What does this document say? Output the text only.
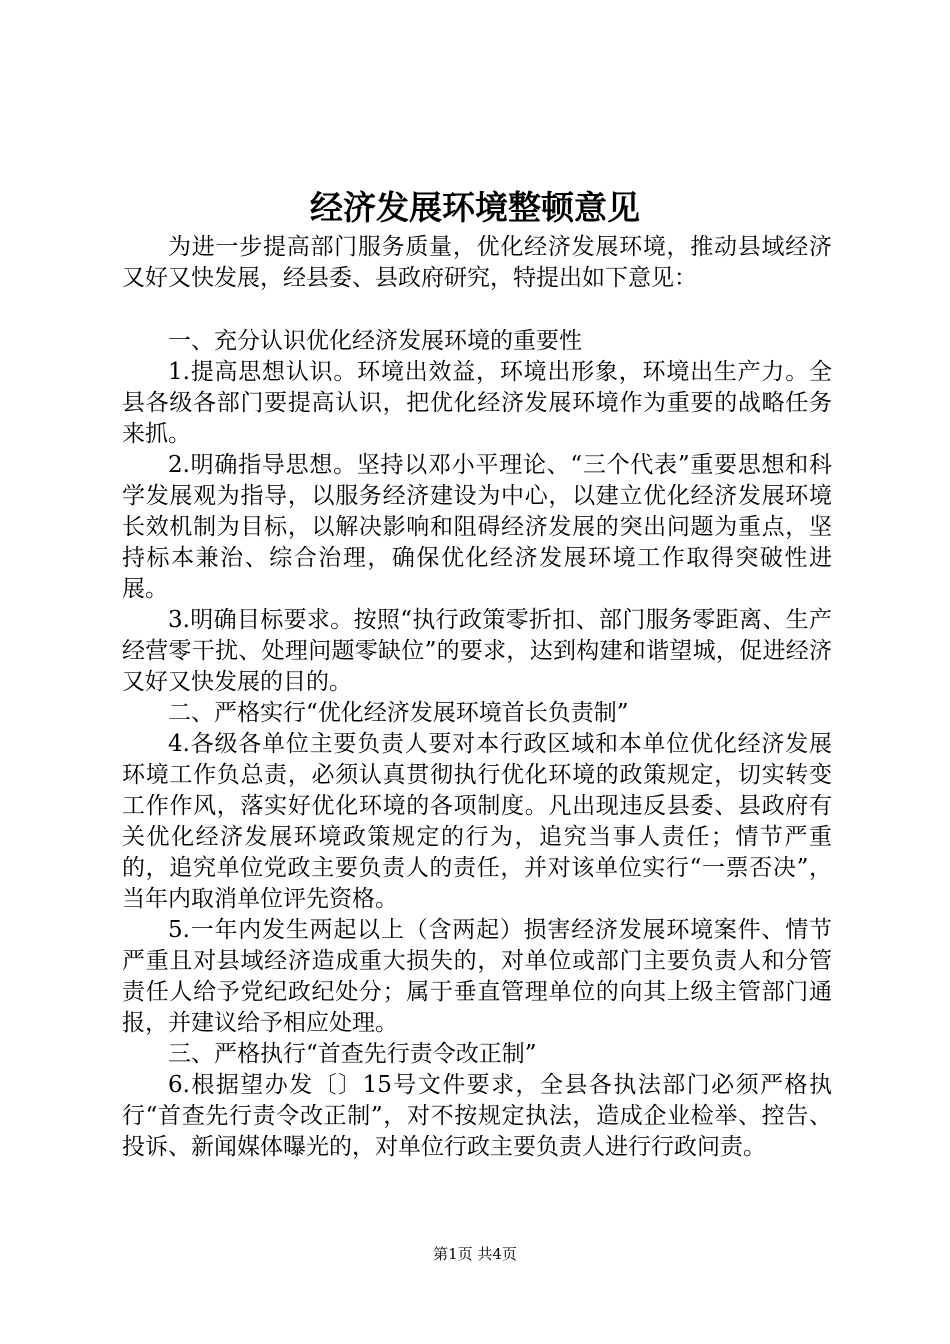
经济发展环境整顿意见

为进一步提高部门服务质量，优化经济发展环境，推动县域经济又好又快发展，经县委、县政府研究，特提出如下意见：

一、充分认识优化经济发展环境的重要性

1.提高思想认识。环境出效益，环境出形象，环境出生产力。全县各级各部门要提高认识，把优化经济发展环境作为重要的战略任务来抓。

2.明确指导思想。坚持以邓小平理论、“三个代表”重要思想和科学发展观为指导，以服务经济建设为中心，以建立优化经济发展环境长效机制为目标，以解决影响和阻碍经济发展的突出问题为重点，坚持标本兼治、综合治理，确保优化经济发展环境工作取得突破性进展。

3.明确目标要求。按照“执行政策零折扣、部门服务零距离、生产经营零干扰、处理问题零缺位”的要求，达到构建和谐望城，促进经济又好又快发展的目的。

二、严格实行“优化经济发展环境首长负责制”

4.各级各单位主要负责人要对本行政区域和本单位优化经济发展环境工作负总责，必须认真贯彻执行优化环境的政策规定，切实转变工作作风，落实好优化环境的各项制度。凡出现违反县委、县政府有关优化经济发展环境政策规定的行为，追究当事人责任；情节严重的，追究单位党政主要负责人的责任，并对该单位实行“一票否决”，当年内取消单位评先资格。

5.一年内发生两起以上（含两起）损害经济发展环境案件、情节严重且对县域经济造成重大损失的，对单位或部门主要负责人和分管责任人给予党纪政纪处分；属于垂直管理单位的向其上级主管部门通报，并建议给予相应处理。

三、严格执行“首查先行责令改正制”

6.根据望办发〔〕15号文件要求，全县各执法部门必须严格执行“首查先行责令改正制”，对不按规定执法，造成企业检举、控告、投诉、新闻媒体曝光的，对单位行政主要负责人进行行政问责。

第1页 共4页
